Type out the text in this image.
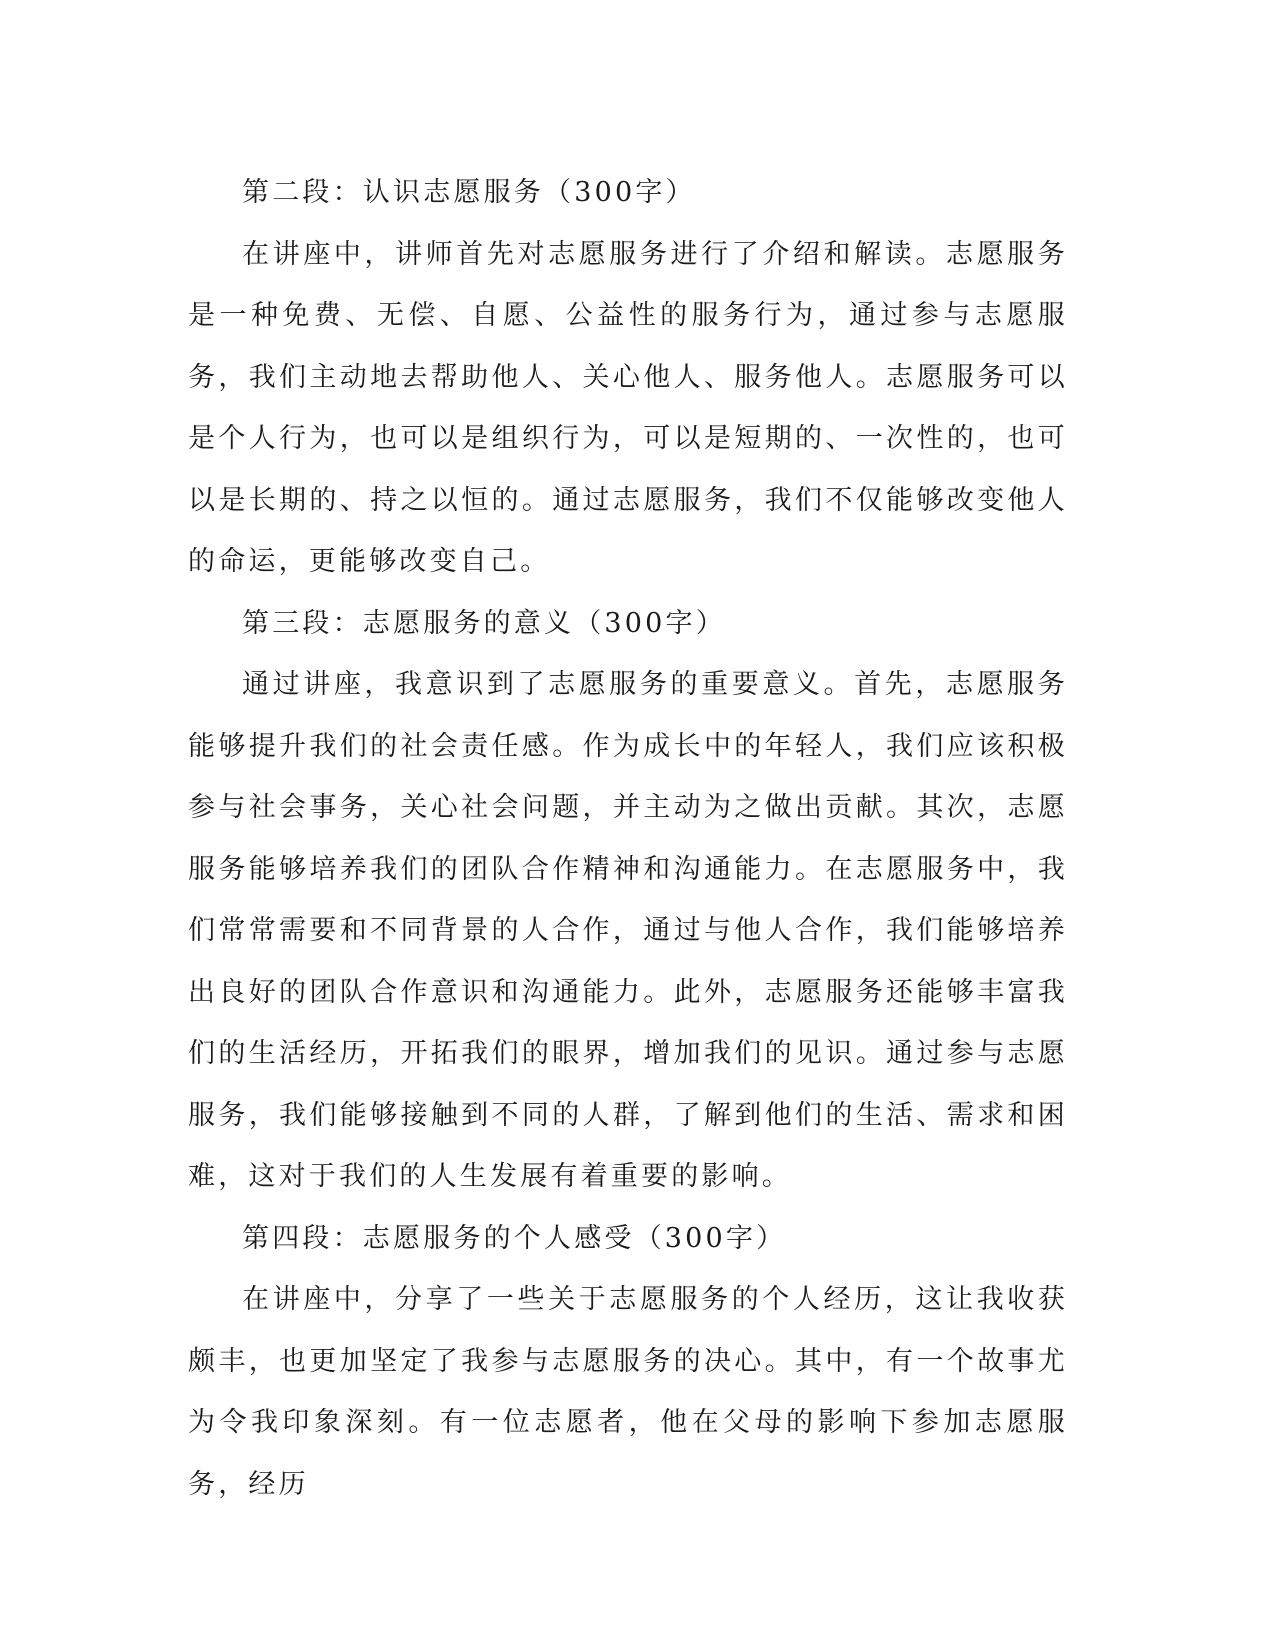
第二段：认识志愿服务（300字）

在讲座中，讲师首先对志愿服务进行了介绍和解读。志愿服务是一种免费、无偿、自愿、公益性的服务行为，通过参与志愿服务，我们主动地去帮助他人、关心他人、服务他人。志愿服务可以是个人行为，也可以是组织行为，可以是短期的、一次性的，也可以是长期的、持之以恒的。通过志愿服务，我们不仅能够改变他人的命运，更能够改变自己。

第三段：志愿服务的意义（300字）

通过讲座，我意识到了志愿服务的重要意义。首先，志愿服务能够提升我们的社会责任感。作为成长中的年轻人，我们应该积极参与社会事务，关心社会问题，并主动为之做出贡献。其次，志愿服务能够培养我们的团队合作精神和沟通能力。在志愿服务中，我们常常需要和不同背景的人合作，通过与他人合作，我们能够培养出良好的团队合作意识和沟通能力。此外，志愿服务还能够丰富我们的生活经历，开拓我们的眼界，增加我们的见识。通过参与志愿服务，我们能够接触到不同的人群，了解到他们的生活、需求和困难，这对于我们的人生发展有着重要的影响。

第四段：志愿服务的个人感受（300字）

在讲座中，分享了一些关于志愿服务的个人经历，这让我收获颇丰，也更加坚定了我参与志愿服务的决心。其中，有一个故事尤为令我印象深刻。有一位志愿者，他在父母的影响下参加志愿服务，经历
